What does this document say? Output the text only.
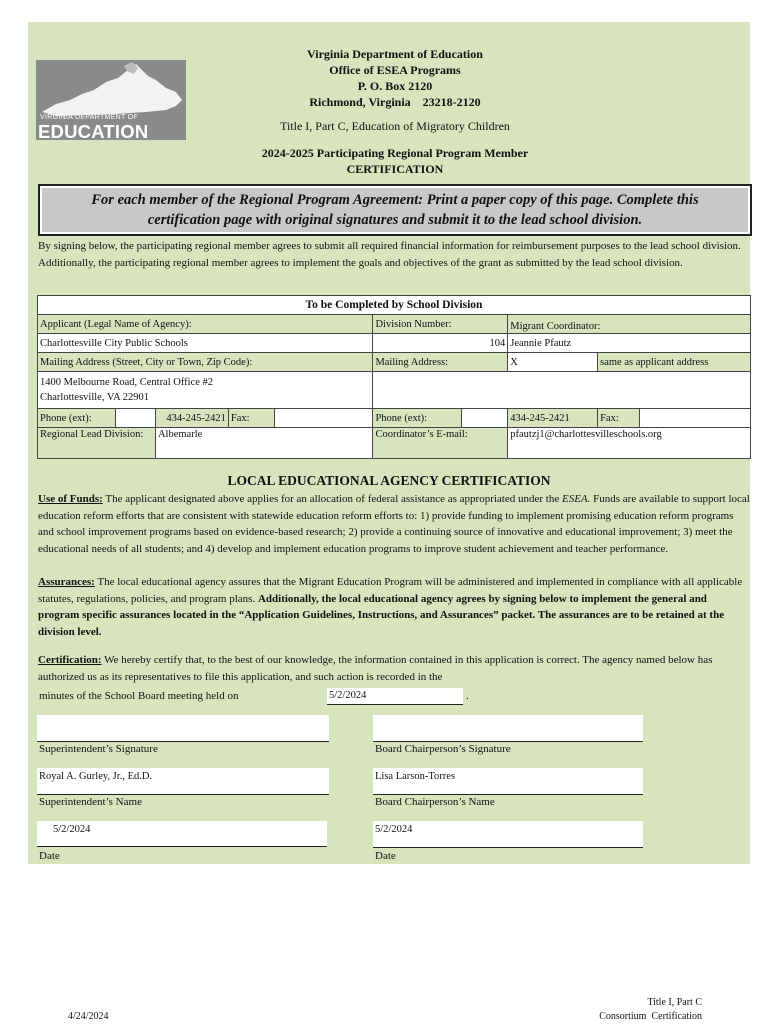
VIRGINIA DEPARTMENT OF
EDUCATION
Virginia Department of Education
Office of ESEA Programs
P. O. Box 2120
Richmond, Virginia    23218-2120
Title I, Part C, Education of Migratory Children
2024-2025 Participating Regional Program Member
CERTIFICATION
For each member of the Regional Program Agreement: Print a paper copy of this page. Complete this certification page with original signatures and submit it to the lead school division.
By signing below, the participating regional member agrees to submit all required financial information for reimbursement purposes to the lead school division. Additionally, the participating regional member agrees to implement the goals and objectives of the grant as submitted by the lead school division.
To be Completed by School Division									
Applicant (Legal Name of Agency):					Division Number:		Migrant Coordinator:		
Charlottesville City Public Schools					104		Jeannie Pfautz		
Mailing Address (Street, City or Town, Zip Code):					Mailing Address:		X	same as applicant address	

1400 Melbourne Road, Central Office #2
Charlottesville, VA 22901									

Phone (ext):		434-245-2421	Fax:		Phone (ext):		434-245-2421	Fax:	
Regional Lead Division:		Albemarle			Coordinator’s E-mail:		pfautzj1@charlottesvilleschools.org		
LOCAL EDUCATIONAL AGENCY CERTIFICATION
Use of Funds: The applicant designated above applies for an allocation of federal assistance as appropriated under the ESEA. Funds are available to support local education reform efforts that are consistent with statewide education reform efforts to: 1) provide funding to implement promising education reform programs and school improvement programs based on evidence-based research; 2) provide a continuing source of innovative and educational improvement; 3) meet the educational needs of all students; and 4) develop and implement education programs to improve student achievement and teacher performance.
Assurances: The local educational agency assures that the Migrant Education Program will be administered and implemented in compliance with all applicable statutes, regulations, policies, and program plans. Additionally, the local educational agency agrees by signing below to implement the general and program specific assurances located in the “Application Guidelines, Instructions, and Assurances” packet. The assurances are to be retained at the division level.
Certification: We hereby certify that, to the best of our knowledge, the information contained in this application is correct. The agency named below has authorized us as its representatives to file this application, and such action is recorded in the
minutes of the School Board meeting held on	5/2/2024	.
Superintendent’s Signature	Board Chairperson’s Signature
Royal A. Gurley, Jr., Ed.D.	Lisa Larson-Torres
Superintendent’s Name	Board Chairperson’s Name
5/2/2024	5/2/2024
Date	Date
4/24/2024
Title I, Part C
Consortium  Certification
